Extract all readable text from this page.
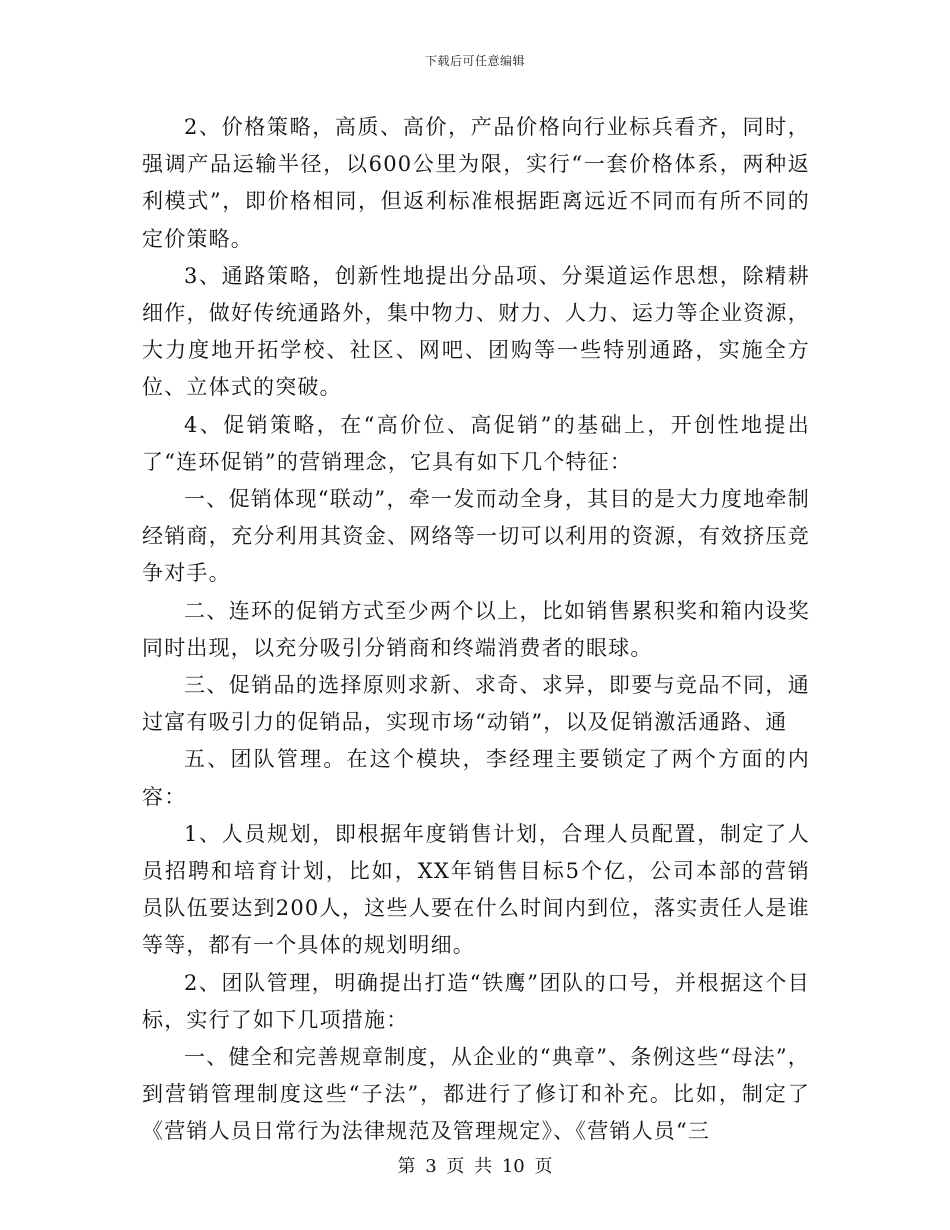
下载后可任意编辑

2、价格策略，高质、高价，产品价格向行业标兵看齐，同时，强调产品运输半径，以600公里为限，实行“一套价格体系，两种返利模式”，即价格相同，但返利标准根据距离远近不同而有所不同的定价策略。

3、通路策略，创新性地提出分品项、分渠道运作思想，除精耕细作，做好传统通路外，集中物力、财力、人力、运力等企业资源，大力度地开拓学校、社区、网吧、团购等一些特别通路，实施全方位、立体式的突破。

4、促销策略，在“高价位、高促销”的基础上，开创性地提出了“连环促销”的营销理念，它具有如下几个特征：

一、促销体现“联动”，牵一发而动全身，其目的是大力度地牵制经销商，充分利用其资金、网络等一切可以利用的资源，有效挤压竞争对手。

二、连环的促销方式至少两个以上，比如销售累积奖和箱内设奖同时出现，以充分吸引分销商和终端消费者的眼球。

三、促销品的选择原则求新、求奇、求异，即要与竞品不同，通过富有吸引力的促销品，实现市场“动销”，以及促销激活通路、通

五、团队管理。在这个模块，李经理主要锁定了两个方面的内容：

1、人员规划，即根据年度销售计划，合理人员配置，制定了人员招聘和培育计划，比如，XX年销售目标5个亿，公司本部的营销员队伍要达到200人，这些人要在什么时间内到位，落实责任人是谁等等，都有一个具体的规划明细。

2、团队管理，明确提出打造“铁鹰”团队的口号，并根据这个目标，实行了如下几项措施：

一、健全和完善规章制度，从企业的“典章”、条例这些“母法”，到营销管理制度这些“子法”，都进行了修订和补充。比如，制定了《营销人员日常行为法律规范及管理规定》、《营销人员“三

第 3 页 共 10 页
